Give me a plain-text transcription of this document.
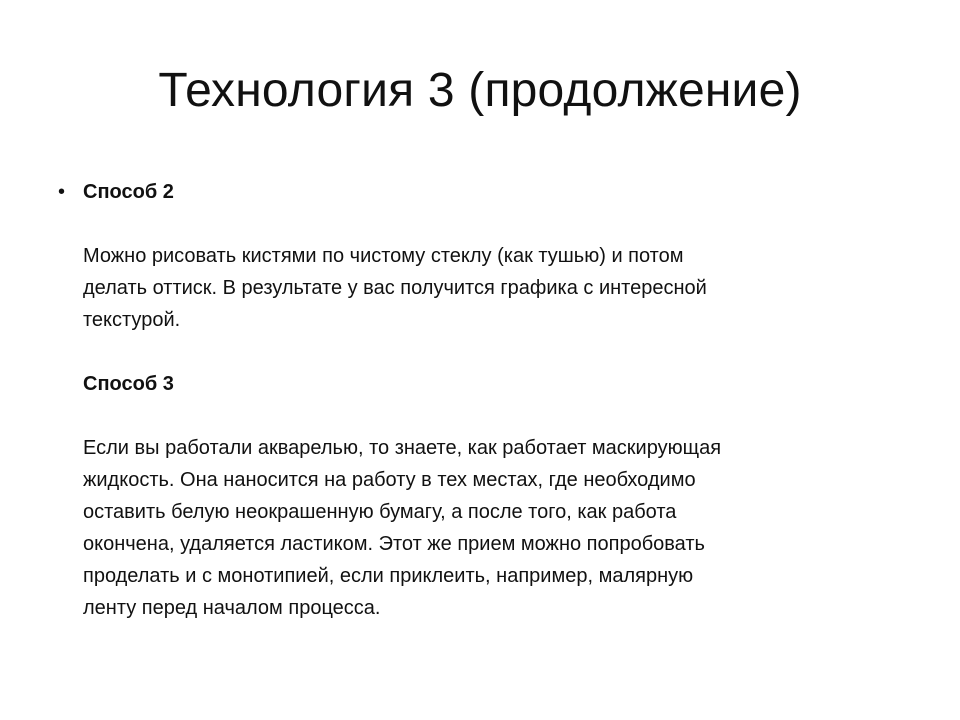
Технология 3 (продолжение)
• Способ 2

Можно рисовать кистями по чистому стеклу (как тушью) и потом

делать оттиск. В результате у вас получится графика с интересной

текстурой.

Способ 3

Если вы работали акварелью, то знаете, как работает маскирующая

жидкость. Она наносится на работу в тех местах, где необходимо

оставить белую неокрашенную бумагу, а после того, как работа

окончена, удаляется ластиком. Этот же прием можно попробовать

проделать и с монотипией, если приклеить, например, малярную

ленту перед началом процесса.
